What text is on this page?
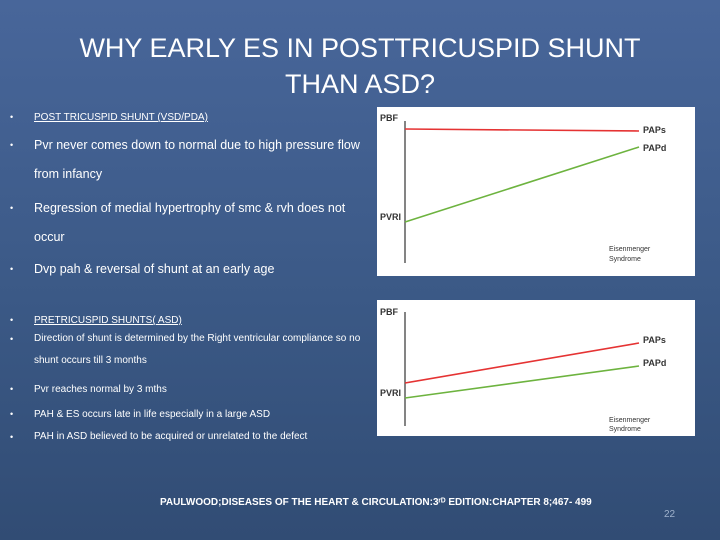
WHY EARLY ES IN POSTTRICUSPID SHUNT THAN ASD?
•	POST TRICUSPID SHUNT (VSD/PDA)
•	Pvr never comes down to normal due to high pressure flow from infancy
•	Regression of medial hypertrophy of smc & rvh does not occur
•	Dvp pah & reversal of shunt at an early age
•	PRETRICUSPID SHUNTS( ASD)
•	Direction of shunt is determined by the Right ventricular compliance so no shunt occurs till 3 months
•	Pvr reaches normal by 3 mths
•	PAH & ES occurs late in life especially in a large ASD
•	PAH in ASD believed to be acquired or unrelated to the defect
PBF
PAPs
PAPd
PVRI
Eisenmenger
Syndrome
PBF
PAPs
PAPd
PVRI
Eisenmenger
Syndrome
PAULWOOD;DISEASES OF THE HEART & CIRCULATION:3ʳᴰ EDITION:CHAPTER 8;467- 499
22
